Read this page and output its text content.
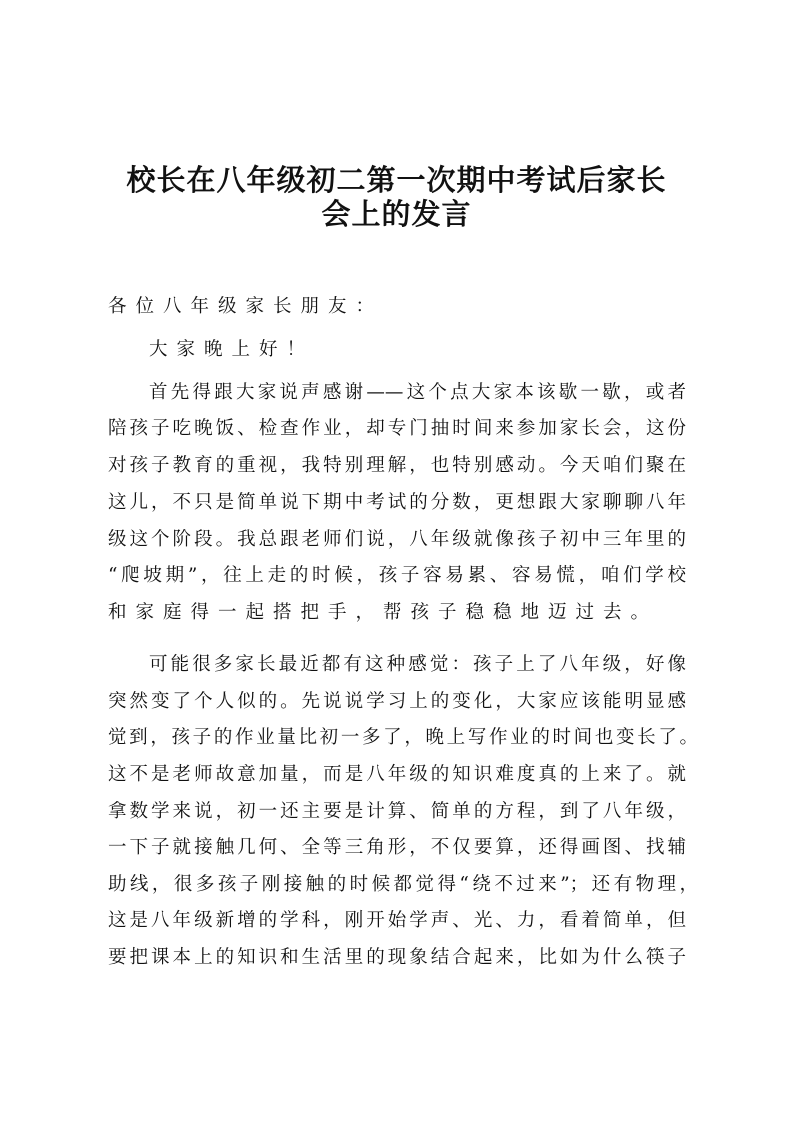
校长在八年级初二第一次期中考试后家长
会上的发言
各位八年级家长朋友：
大家晚上好！
首先得跟大家说声感谢——这个点大家本该歇一歇，或者
陪孩子吃晚饭、检查作业，却专门抽时间来参加家长会，这份
对孩子教育的重视，我特别理解，也特别感动。今天咱们聚在
这儿，不只是简单说下期中考试的分数，更想跟大家聊聊八年
级这个阶段。我总跟老师们说，八年级就像孩子初中三年里的
“爬坡期”，往上走的时候，孩子容易累、容易慌，咱们学校
和家庭得一起搭把手，帮孩子稳稳地迈过去。
可能很多家长最近都有这种感觉：孩子上了八年级，好像
突然变了个人似的。先说说学习上的变化，大家应该能明显感
觉到，孩子的作业量比初一多了，晚上写作业的时间也变长了。
这不是老师故意加量，而是八年级的知识难度真的上来了。就
拿数学来说，初一还主要是计算、简单的方程，到了八年级，
一下子就接触几何、全等三角形，不仅要算，还得画图、找辅
助线，很多孩子刚接触的时候都觉得“绕不过来”；还有物理，
这是八年级新增的学科，刚开始学声、光、力，看着简单，但
要把课本上的知识和生活里的现象结合起来，比如为什么筷子
